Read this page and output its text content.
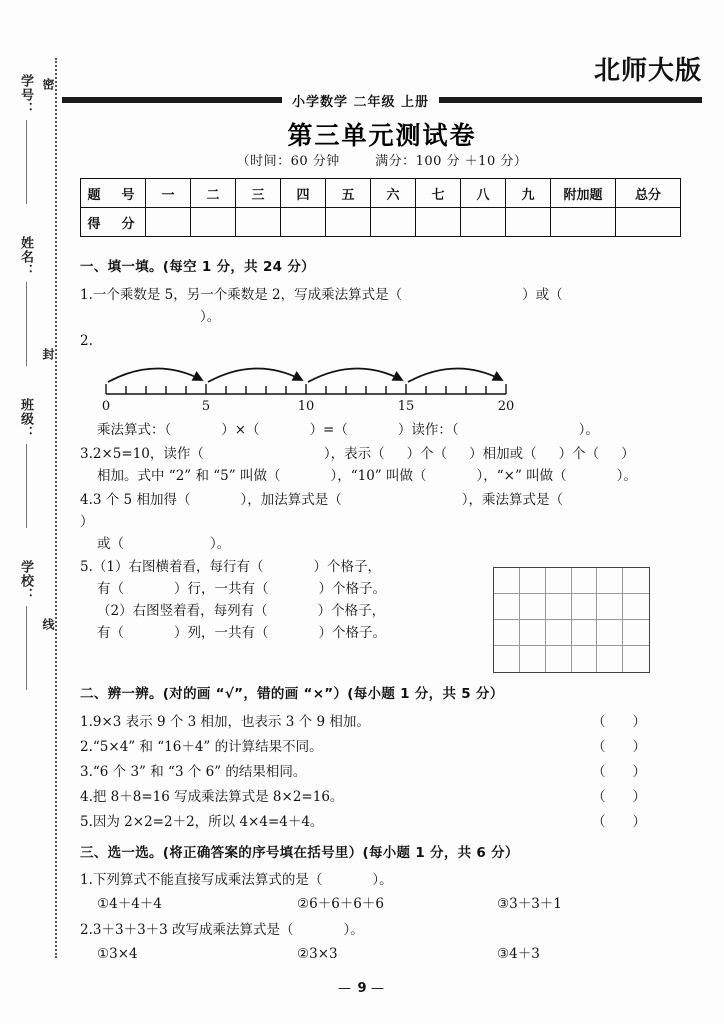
密
封
线
学号：
姓名：
班级：
学校：
北师大版
小学数学 二年级 上册
第三单元测试卷
（时间：60 分钟	满分：100 分 ＋10 分）
题　号	一	二	三	四	五	六	七	八	九	附加题	总分
得　分											
一、填一填。(每空 1 分，共 24 分）
1.一个乘数是 5，另一个乘数是 2，写成乘法算式是（	）或（）。
2.
0	5	10	15	20
乘法算式：（	）×（	）=（	）读作：（	）。
3.2×5=10，读作（	），表示（ ）个（ ）相加或（ ）个（ ）
相加。式中 “2” 和 “5” 叫做（	），“10” 叫做（	），“×” 叫做（	）。
4.3 个 5 相加得（	），加法算式是（	），乘法算式是（）
或（	）。
5.（1）右图横着看，每行有（	）个格子，
有（	）行，一共有（	）个格子。
（2）右图竖着看，每列有（	）个格子，
有（	）列，一共有（	）个格子。
二、辨一辨。(对的画 “√”，错的画 “×”）(每小题 1 分，共 5 分）
1.9×3 表示 9 个 3 相加，也表示 3 个 9 相加。	（　　）
2.“5×4” 和 “16＋4” 的计算结果不同。	（　　）
3.“6 个 3” 和 “3 个 6” 的结果相同。	（　　）
4.把 8＋8=16 写成乘法算式是 8×2=16。	（　　）
5.因为 2×2=2＋2，所以 4×4=4＋4。	（　　）
三、选一选。(将正确答案的序号填在括号里）(每小题 1 分，共 6 分）
1.下列算式不能直接写成乘法算式的是（	）。
①4＋4＋4	②6＋6＋6＋6	③3＋3＋1
2.3＋3＋3＋3 改写成乘法算式是（	）。
①3×4	②3×3	③4＋3
— 9 —
